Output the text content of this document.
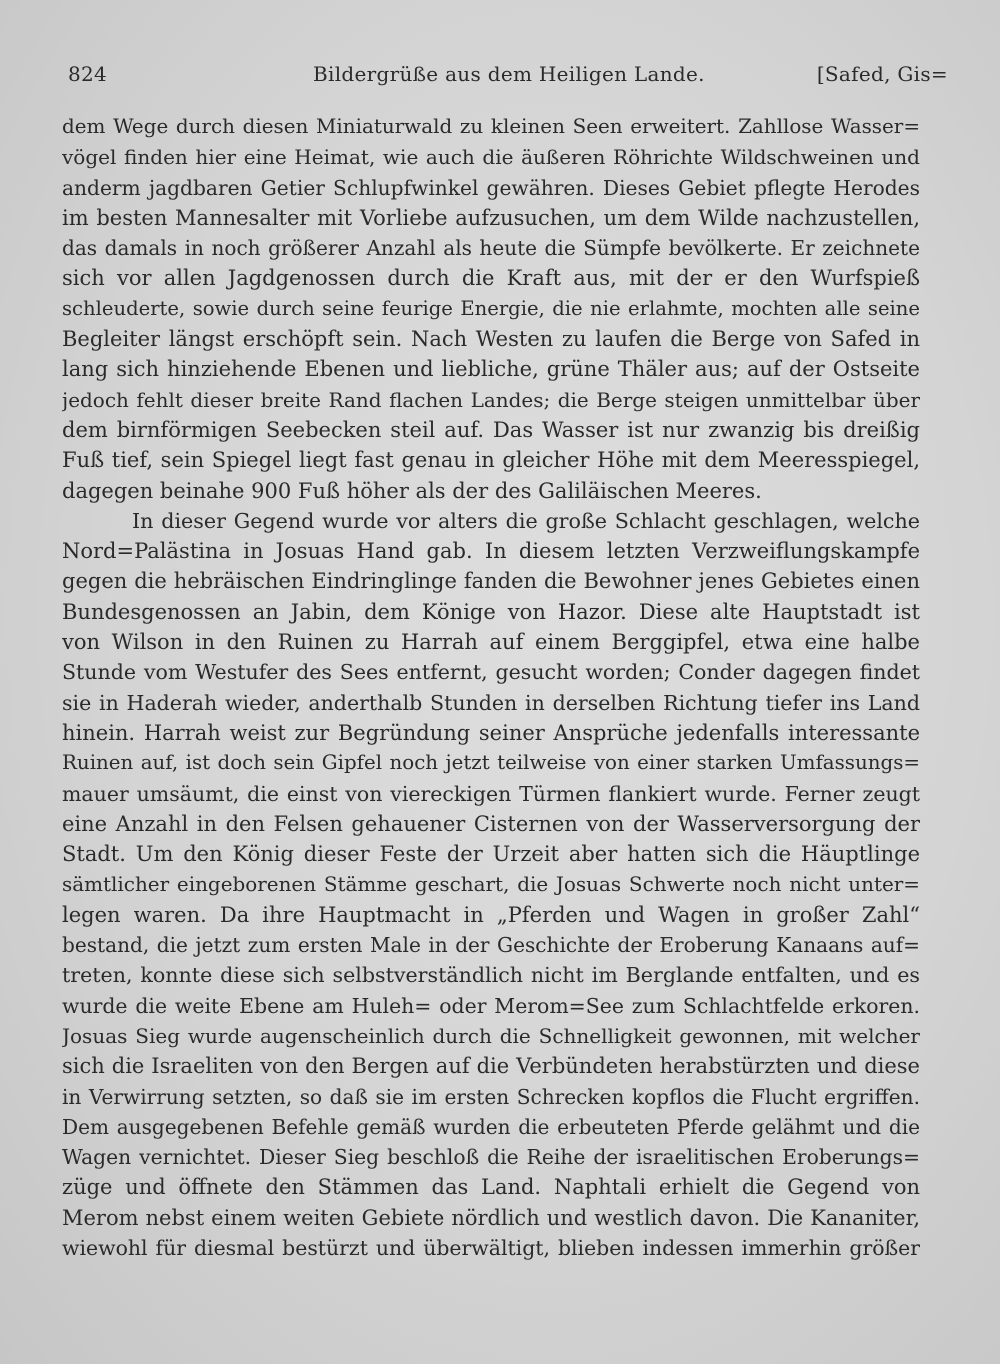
824	Bildergrüße aus dem Heiligen Lande.	[Safed, Gis=
dem Wege durch diesen Miniaturwald zu kleinen Seen erweitert. Zahllose Wasser=
vögel finden hier eine Heimat, wie auch die äußeren Röhrichte Wildschweinen und
anderm jagdbaren Getier Schlupfwinkel gewähren. Dieses Gebiet pflegte Herodes
im besten Mannesalter mit Vorliebe aufzusuchen, um dem Wilde nachzustellen,
das damals in noch größerer Anzahl als heute die Sümpfe bevölkerte. Er zeichnete
sich vor allen Jagdgenossen durch die Kraft aus, mit der er den Wurfspieß
schleuderte, sowie durch seine feurige Energie, die nie erlahmte, mochten alle seine
Begleiter längst erschöpft sein. Nach Westen zu laufen die Berge von Safed in
lang sich hinziehende Ebenen und liebliche, grüne Thäler aus; auf der Ostseite
jedoch fehlt dieser breite Rand flachen Landes; die Berge steigen unmittelbar über
dem birnförmigen Seebecken steil auf. Das Wasser ist nur zwanzig bis dreißig
Fuß tief, sein Spiegel liegt fast genau in gleicher Höhe mit dem Meeresspiegel,
dagegen beinahe 900 Fuß höher als der des Galiläischen Meeres.
In dieser Gegend wurde vor alters die große Schlacht geschlagen, welche
Nord=Palästina in Josuas Hand gab. In diesem letzten Verzweiflungskampfe
gegen die hebräischen Eindringlinge fanden die Bewohner jenes Gebietes einen
Bundesgenossen an Jabin, dem Könige von Hazor. Diese alte Hauptstadt ist
von Wilson in den Ruinen zu Harrah auf einem Berggipfel, etwa eine halbe
Stunde vom Westufer des Sees entfernt, gesucht worden; Conder dagegen findet
sie in Haderah wieder, anderthalb Stunden in derselben Richtung tiefer ins Land
hinein. Harrah weist zur Begründung seiner Ansprüche jedenfalls interessante
Ruinen auf, ist doch sein Gipfel noch jetzt teilweise von einer starken Umfassungs=
mauer umsäumt, die einst von viereckigen Türmen flankiert wurde. Ferner zeugt
eine Anzahl in den Felsen gehauener Cisternen von der Wasserversorgung der
Stadt. Um den König dieser Feste der Urzeit aber hatten sich die Häuptlinge
sämtlicher eingeborenen Stämme geschart, die Josuas Schwerte noch nicht unter=
legen waren. Da ihre Hauptmacht in „Pferden und Wagen in großer Zahl“
bestand, die jetzt zum ersten Male in der Geschichte der Eroberung Kanaans auf=
treten, konnte diese sich selbstverständlich nicht im Berglande entfalten, und es
wurde die weite Ebene am Huleh= oder Merom=See zum Schlachtfelde erkoren.
Josuas Sieg wurde augenscheinlich durch die Schnelligkeit gewonnen, mit welcher
sich die Israeliten von den Bergen auf die Verbündeten herabstürzten und diese
in Verwirrung setzten, so daß sie im ersten Schrecken kopflos die Flucht ergriffen.
Dem ausgegebenen Befehle gemäß wurden die erbeuteten Pferde gelähmt und die
Wagen vernichtet. Dieser Sieg beschloß die Reihe der israelitischen Eroberungs=
züge und öffnete den Stämmen das Land. Naphtali erhielt die Gegend von
Merom nebst einem weiten Gebiete nördlich und westlich davon. Die Kananiter,
wiewohl für diesmal bestürzt und überwältigt, blieben indessen immerhin größer
